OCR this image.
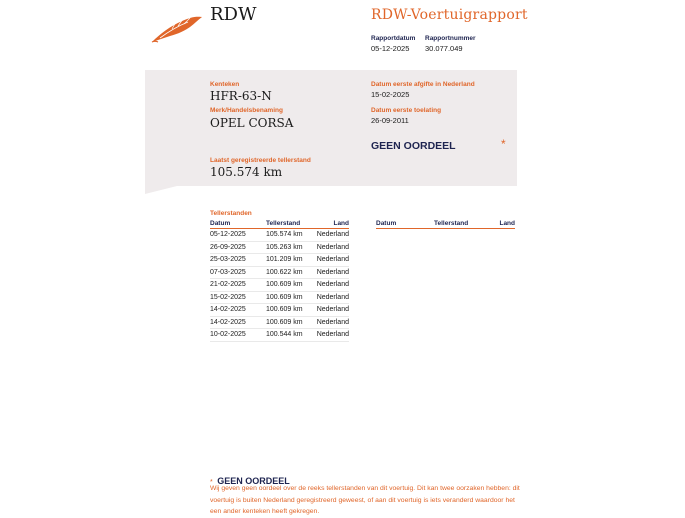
RDW	RDW-Voertuigrapport
Rapportdatum
05-12-2025
Rapportnummer
30.077.049
Kenteken
HFR-63-N
Merk/Handelsbenaming
OPEL CORSA
Laatst geregistreerde tellerstand
105.574 km
Datum eerste afgifte in Nederland
15-02-2025
Datum eerste toelating
26-09-2011
GEEN OORDEEL	*
Tellerstanden
Datum	Tellerstand	Land
05-12-2025	105.574 km	Nederland
26-09-2025	105.263 km	Nederland
25-03-2025	101.209 km	Nederland
07-03-2025	100.622 km	Nederland
21-02-2025	100.609 km	Nederland
15-02-2025	100.609 km	Nederland
14-02-2025	100.609 km	Nederland
14-02-2025	100.609 km	Nederland
10-02-2025	100.544 km	Nederland
Datum	Tellerstand	Land
* GEEN OORDEEL
Wij geven geen oordeel over de reeks tellerstanden van dit voertuig. Dit kan twee oorzaken hebben: dit voertuig is buiten Nederland geregistreerd geweest, of aan dit voertuig is iets veranderd waardoor het een ander kenteken heeft gekregen.
